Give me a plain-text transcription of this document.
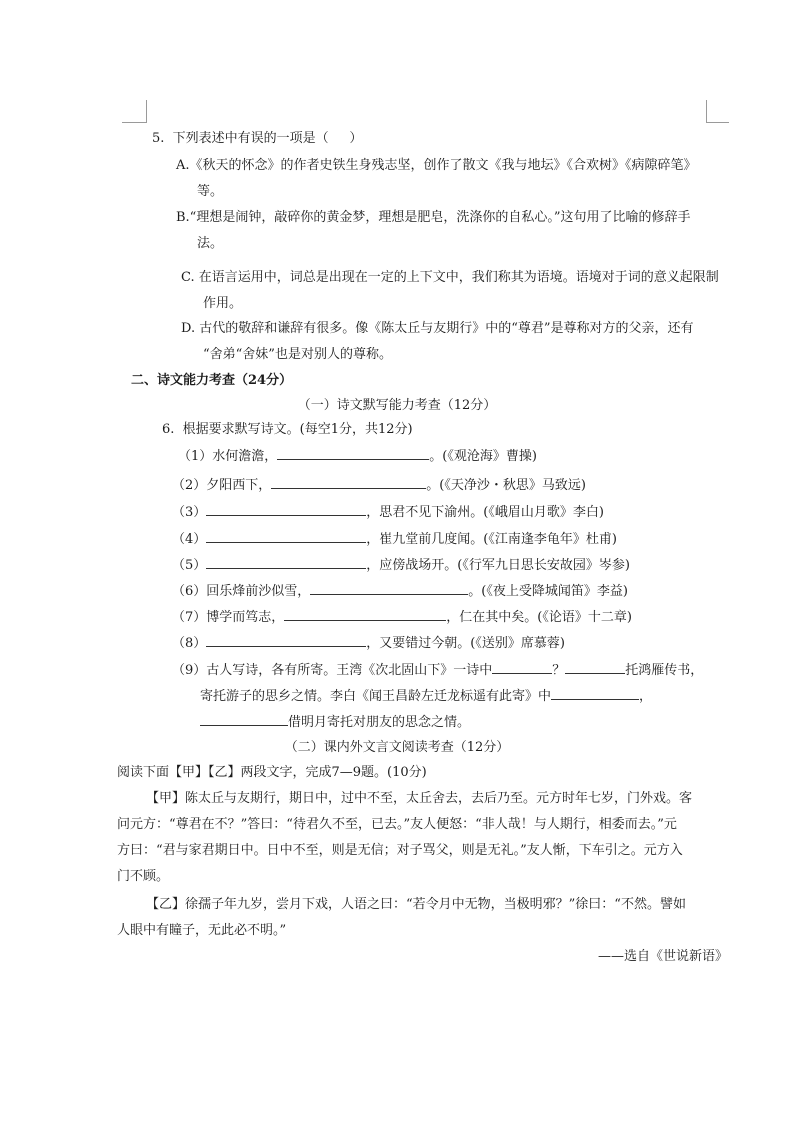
5.  下列表述中有误的一项是（     ）
A.《秋天的怀念》的作者史铁生身残志坚，创作了散文《我与地坛》《合欢树》《病隙碎笔》
等。
B.“理想是闹钟，敲碎你的黄金梦，理想是肥皂，洗涤你的自私心。”这句用了比喻的修辞手
法。
C. 在语言运用中，词总是出现在一定的上下文中，我们称其为语境。语境对于词的意义起限制
作用。
D. 古代的敬辞和谦辞有很多。像《陈太丘与友期行》中的“尊君”是尊称对方的父亲，还有
“舍弟“舍妹”也是对别人的尊称。
二、诗文能力考查（24分）
（一）诗文默写能力考查（12分）
6.  根据要求默写诗文。(每空1分，共12分)
（1）水何澹澹，	。(《观沧海》曹操)
（2）夕阳西下，	。(《天净沙・秋思》马致远)
（3）	，思君不见下渝州。(《峨眉山月歌》李白)
（4）	，崔九堂前几度闻。(《江南逢李龟年》杜甫)
（5）	，应傍战场开。(《行军九日思长安故园》岑参)
（6）回乐烽前沙似雪，	。(《夜上受降城闻笛》李益)
（7）博学而笃志，	，仁在其中矣。(《论语》十二章)
（8）	，又要错过今朝。(《送别》席慕蓉)
（9）古人写诗，各有所寄。王湾《次北固山下》一诗中	？	托鸿雁传书，
寄托游子的思乡之情。李白《闻王昌龄左迁龙标遥有此寄》中	，
借明月寄托对朋友的思念之情。
（二）课内外文言文阅读考查（12分）
阅读下面【甲】【乙】两段文字，完成7—9题。(10分)
【甲】陈太丘与友期行，期日中，过中不至，太丘舍去，去后乃至。元方时年七岁，门外戏。客
问元方：“尊君在不？”答曰：“待君久不至，已去。”友人便怒：“非人哉！与人期行，相委而去。”元
方曰：“君与家君期日中。日中不至，则是无信；对子骂父，则是无礼。”友人惭，下车引之。元方入
门不顾。
【乙】徐孺子年九岁，尝月下戏，人语之曰：“若令月中无物，当极明邪？”徐曰：“不然。譬如
人眼中有瞳子，无此必不明。”
——选自《世说新语》
